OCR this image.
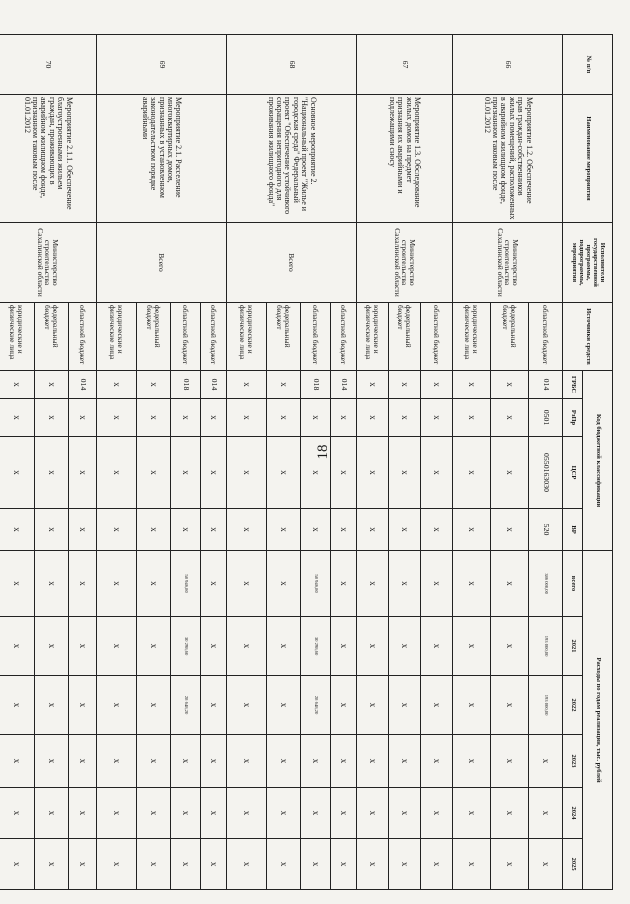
18
№ п/п	Наименование мероприятия	Исполнители государственной программы, подпрограммы, мероприятия	Источники средств	Код бюджетной классификации				Расходы по годам реализации, тыс. рублей					
				ГРБС	РзПр	ЦСР	ВР	всего	2021	2022	2023	2024	2025
66	Мероприятие 1.2. Обеспечение прав граждан-собственников жилых помещений, расположенных в аварийном жилищном фонде, признанном таковым после 01.01.2012	Министерство строительства Сахалинской области	областной бюджет	014	0501	0550163030	520	386 000,00	193 000,00	193 000,00	х	х	х
			федеральный бюджет	х	х	х	х	х	х	х	х	х	х
			юридические и физические лица	х	х	х	х	х	х	х	х	х	х
67	Мероприятие 1.3. Обследование жилых домов на предмет признания их аварийными и подлежащими сносу	Министерство строительства Сахалинской области	областной бюджет	х	х	х	х	х	х	х	х	х	х
			федеральный бюджет	х	х	х	х	х	х	х	х	х	х
			юридические и физические лица	х	х	х	х	х	х	х	х	х	х
68	Основное мероприятие 2. "Национальный проект "Жилье и городская среда" Федеральный проект "Обеспечение устойчивого сокращения непригодного для проживания жилищного фонда"	Всего	областной бюджет	014	х	х	х	х	х	х	х	х	х
			областной бюджет	018	х	х	х	58 946,80	30 298,60	28 648,20	х	х	х
			федеральный бюджет	х	х	х	х	х	х	х	х	х	х
			юридические и физические лица	х	х	х	х	х	х	х	х	х	х
69	Мероприятие 2.1. Расселение многоквартирных домов, признанных в установленном законодательством порядке аварийными	Всего	областной бюджет	014	х	х	х	х	х	х	х	х	х
			областной бюджет	018	х	х	х	58 946,80	30 298,60	28 648,20	х	х	х
			федеральный бюджет	х	х	х	х	х	х	х	х	х	х
			юридические и физические лица	х	х	х	х	х	х	х	х	х	х
70	Мероприятие 2.1.1. Обеспечение благоустроенными жильем граждан, проживающих в аварийном жилищном фонде, признанном таковым после 01.01.2012	Министерство строительства Сахалинской области	областной бюджет	014	х	х	х	х	х	х	х	х	х
			федеральный бюджет	х	х	х	х	х	х	х	х	х	х
			юридические и физические лица	х	х	х	х	х	х	х	х	х	х
